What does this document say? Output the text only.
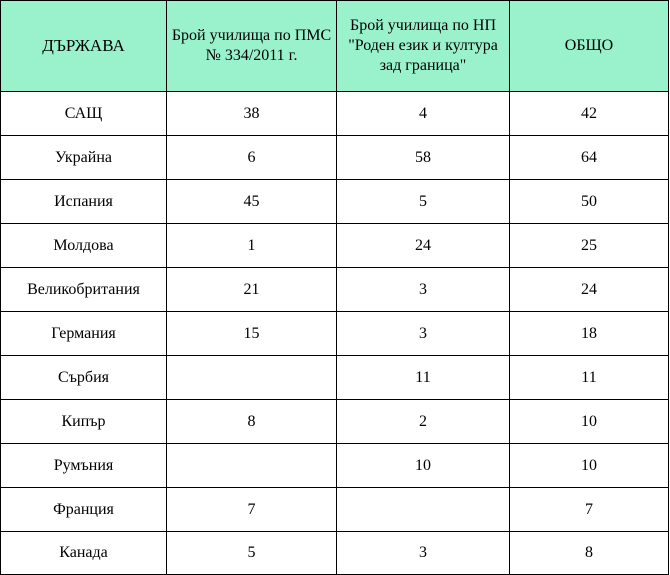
ДЪРЖАВА	Брой училища по ПМС № 334/2011 г.	Брой училища по НП "Роден език и култура зад граница"	ОБЩО
САЩ	38	4	42
Украйна	6	58	64
Испания	45	5	50
Молдова	1	24	25
Великобритания	21	3	24
Германия	15	3	18
Сърбия		11	11
Кипър	8	2	10
Румъния		10	10
Франция	7		7
Канада	5	3	8
